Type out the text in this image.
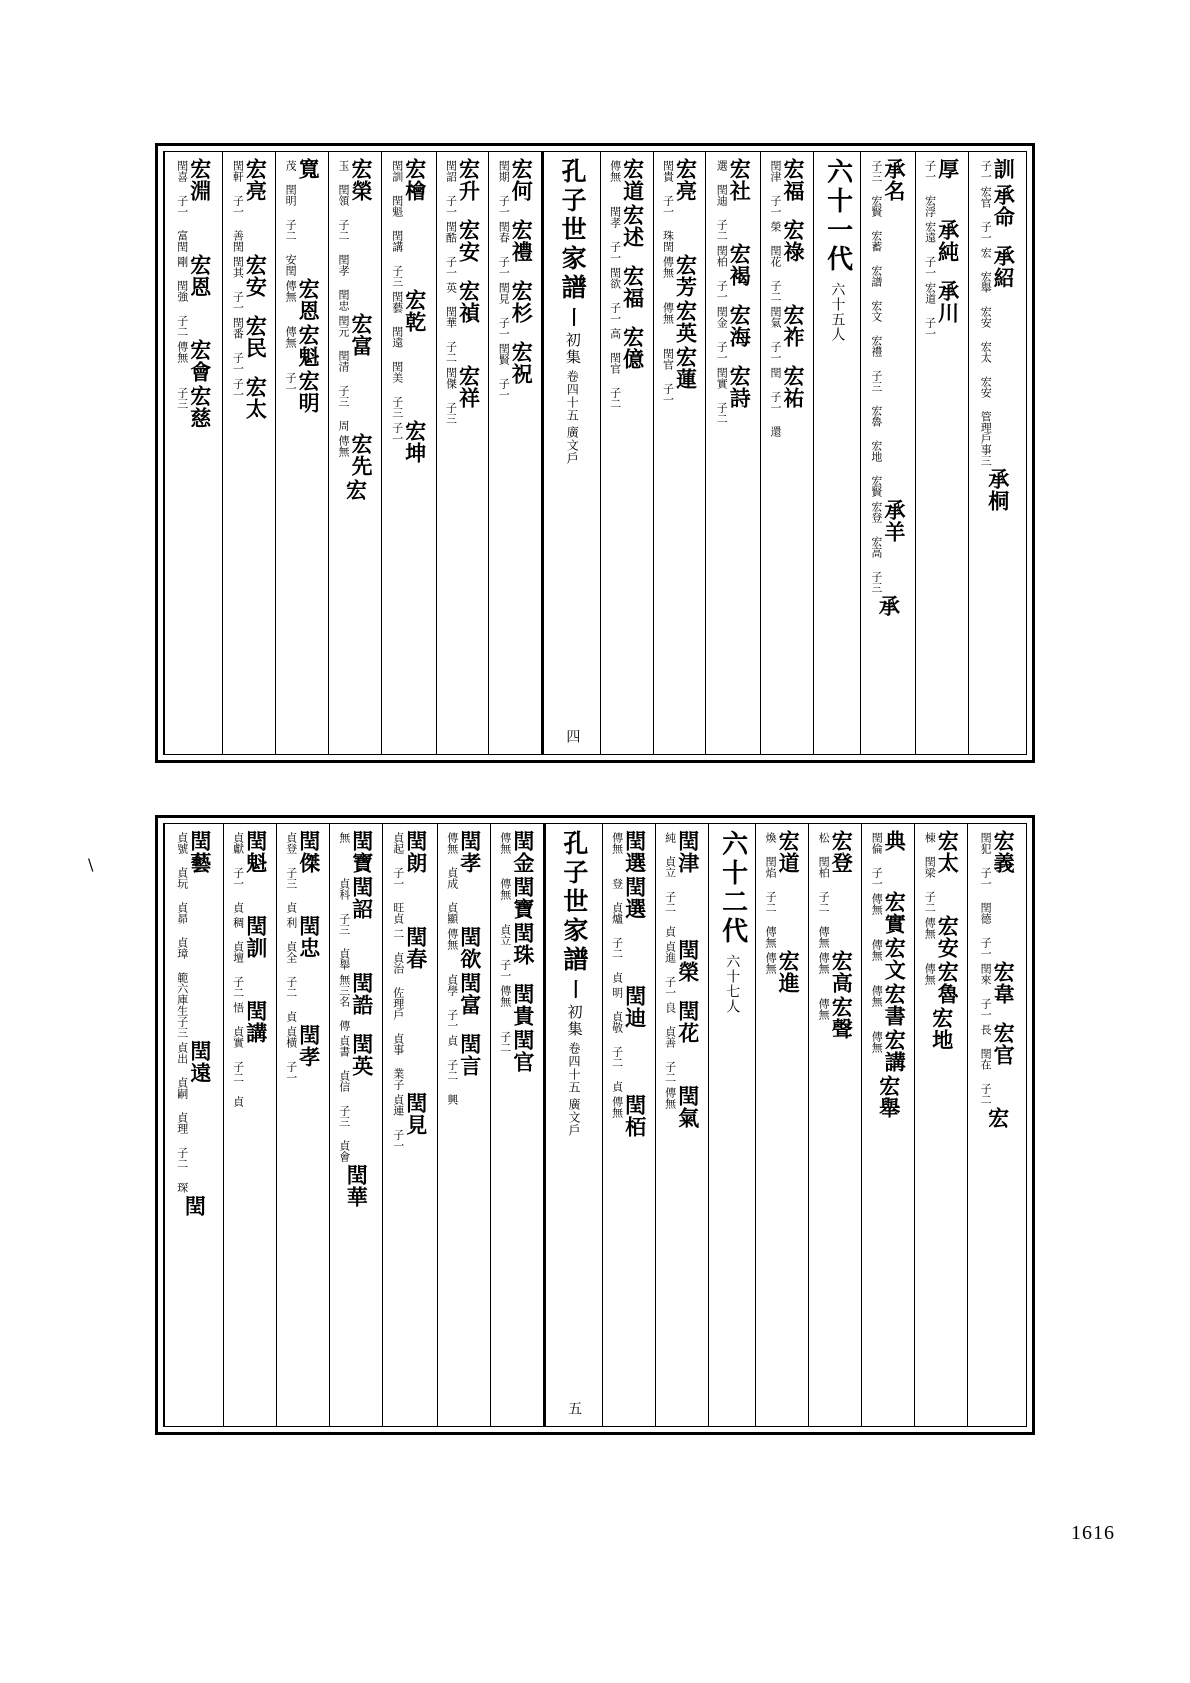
\
訓
子一
承命
宏官 子一
承紹
宏 宏舉 宏安 宏太 宏安 管理戶事三
承桐
厚
子一 宏浮
承純
宏遠 子一
承川
宏道 子一
承名
子三 宏賢 宏蓄 宏譜 宏文 宏禮 子三 宏魯 宏地 宏賢
承羊
宏登 宏高 子三
承
六十一代
六十五人
宏福
閏津 子一
宏祿
榮 閏花 子二
宏祚
閏氣 子一
宏祐
閏 子一 還
宏社
選 閏迪 子二
宏褐
閏柏 子一
宏海
閏金 子一
宏詩
閏實 子二
宏亮
閏貴 子一 珠閏
宏芳
傳無
宏英
傳無
宏蓮
閏官 子一
宏道
傳無
宏述
閏孝 子一
宏福
閏欲 子一
宏億
高 閏官 子二
孔子世家譜
〡
初集
卷四十五
廣文戶
四
宏何
閏期 子一
宏禮
閏春 子一
宏杉
閏見 子一
宏祝
閏賢 子一
宏升
閏詔 子一
宏安
閏酷 子一
宏禎
英 閏華 子二
宏祥
閏傑 子三
宏檜
閏訓 閏魁 閏講 子三
宏乾
閏藝 閏遠 閏美 子三
宏坤
子一
宏榮
玉 閏領 子二 閏孝 閏忠
宏富
閏元 閏清 子三 周
宏先
傳無
宏
寬
茂 閏明 子二 安閏
宏恩
傳無
宏魁
傳無
宏明
子一
宏亮
閏軒 子一 善閏
宏安
閏其 子一
宏民
閏番 子一
宏太
子一
宏淵
閏喜 子一 富閏
宏恩
剛 閏強 子二
宏會
傳無
宏慈
子三
宏義
閏犯 子一 閏德 子一
宏韋
閏來 子一
宏官
長 閏在 子二
宏
宏太
棟 閏梁 子二
宏安
傳無
宏魯
傳無
宏地
典
閏倫 子一
宏實
傳無
宏文
傳無
宏書
傳無
宏講
傳無
宏舉
宏登
松 閏柏 子二 傳無
宏高
傳無
宏聲
傳無
宏道
煥 閏焰 子二 傳無
宏進
傳無
六十二代
六十七人
閏津
純 貞立 子二 貞
閏榮
貞進 子一
閏花
良 貞善 子二
閏氣
傳無
閏選
傳無
閏選
登 貞爐 子二 貞
閏迪
明 貞敬 子二 貞
閏栢
傳無
孔子世家譜
〡
初集
卷四十五
廣文戶
五
閏金
傳無
閏寶
傳無
閏珠
貞立 子一
閏貴
傳無
閏官
子二
閏孝
傳無 貞成 貞顯
閏欲
傳無
閏富
貞學 子一
閏言
貞 子二 興
閏朗
貞起 子一 旺貞
閏春
二 貞治 佐理戶 貞事 業子
閏見
貞連 子一
閏寶
無
閏詔
貞科 子三 貞舉
閏誥
無三名 傳
閏英
貞書 貞信 子三 貞會
閏華
閏傑
貞登 子三 貞
閏忠
利 貞全 子二 貞
閏孝
貞横 子一
閏魁
貞獻 子一 貞
閏訓
稠 貞壇 子二
閏講
悟 貞實 子二 貞
閏藝
貞號 貞玩 貞昴 貞璋 範六庫生子三
閏遠
貞出 貞嗣 貞理 子二 琛
閏
1616
